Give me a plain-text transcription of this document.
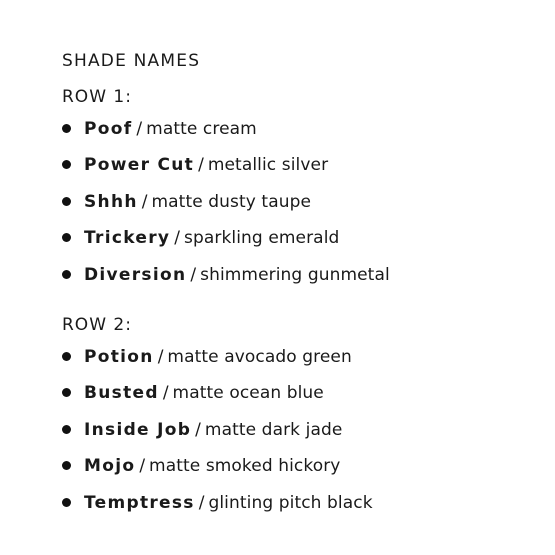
SHADE NAMES
ROW 1:
Poof / matte cream
Power Cut / metallic silver
Shhh / matte dusty taupe
Trickery / sparkling emerald
Diversion / shimmering gunmetal
ROW 2:
Potion / matte avocado green
Busted / matte ocean blue
Inside Job / matte dark jade
Mojo / matte smoked hickory
Temptress / glinting pitch black
